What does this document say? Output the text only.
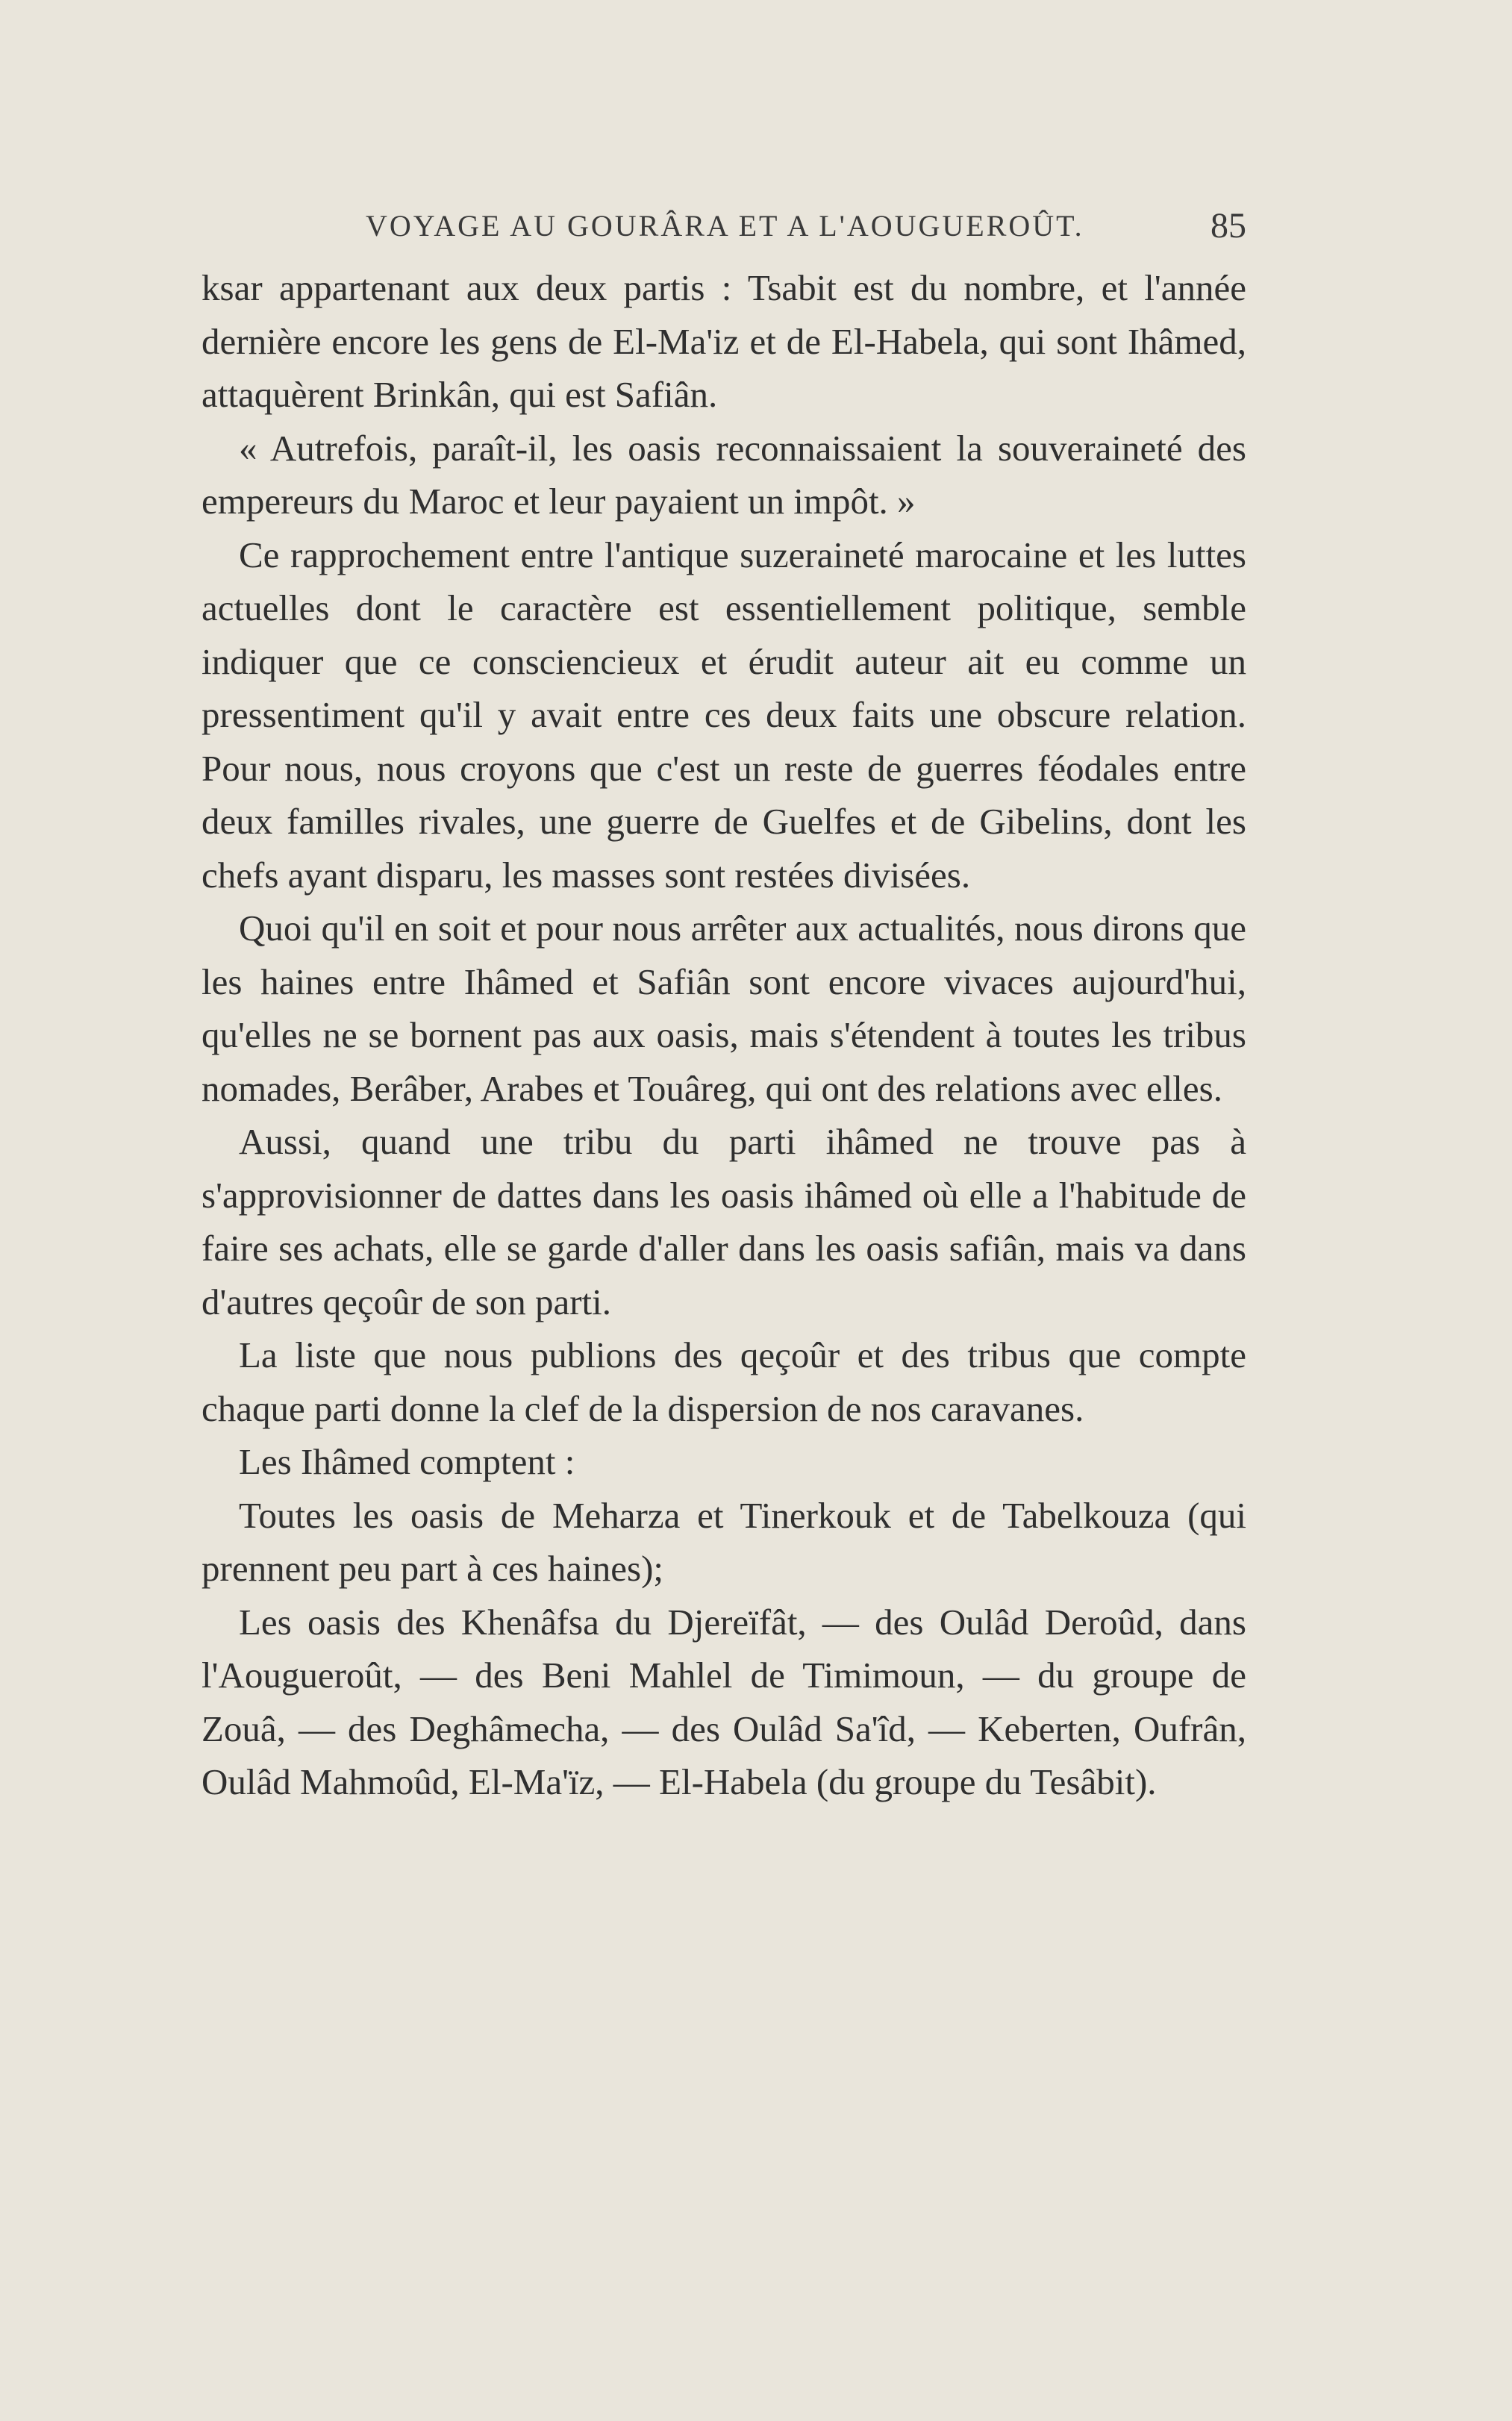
VOYAGE AU GOURÂRA ET A L'AOUGUEROÛT.	85

ksar appartenant aux deux partis : Tsabit est du nombre, et l'année dernière encore les gens de El-Ma'iz et de El-Habela, qui sont Ihâmed, attaquèrent Brinkân, qui est Safiân.

« Autrefois, paraît-il, les oasis reconnaissaient la souveraineté des empereurs du Maroc et leur payaient un impôt. »

Ce rapprochement entre l'antique suzeraineté marocaine et les luttes actuelles dont le caractère est essentiellement politique, semble indiquer que ce consciencieux et érudit auteur ait eu comme un pressentiment qu'il y avait entre ces deux faits une obscure relation. Pour nous, nous croyons que c'est un reste de guerres féodales entre deux familles rivales, une guerre de Guelfes et de Gibelins, dont les chefs ayant disparu, les masses sont restées divisées.

Quoi qu'il en soit et pour nous arrêter aux actualités, nous dirons que les haines entre Ihâmed et Safiân sont encore vivaces aujourd'hui, qu'elles ne se bornent pas aux oasis, mais s'étendent à toutes les tribus nomades, Berâber, Arabes et Touâreg, qui ont des relations avec elles.

Aussi, quand une tribu du parti ihâmed ne trouve pas à s'approvisionner de dattes dans les oasis ihâmed où elle a l'habitude de faire ses achats, elle se garde d'aller dans les oasis safiân, mais va dans d'autres qeçoûr de son parti.

La liste que nous publions des qeçoûr et des tribus que compte chaque parti donne la clef de la dispersion de nos caravanes.

Les Ihâmed comptent :

Toutes les oasis de Meharza et Tinerkouk et de Tabelkouza (qui prennent peu part à ces haines);

Les oasis des Khenâfsa du Djereïfât, — des Oulâd Deroûd, dans l'Aougueroût, — des Beni Mahlel de Timimoun, — du groupe de Zouâ, — des Deghâmecha, — des Oulâd Sa'îd, — Keberten, Oufrân, Oulâd Mahmoûd, El-Ma'ïz, — El-Habela (du groupe du Tesâbit).
